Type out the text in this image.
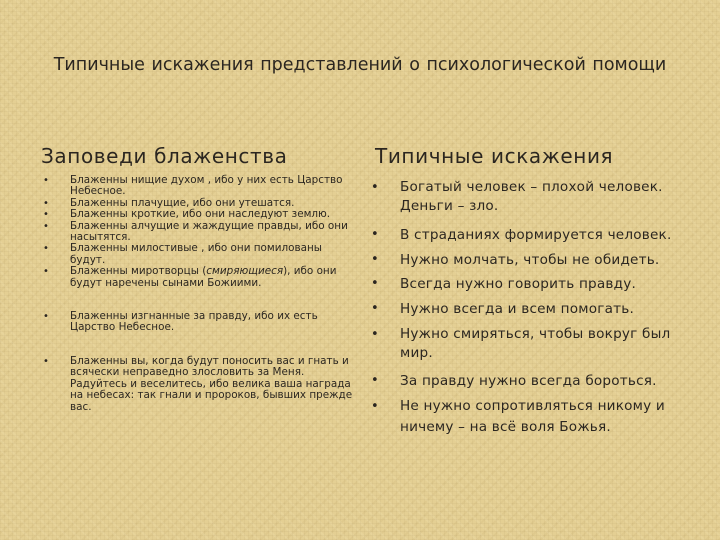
Типичные искажения представлений о психологической помощи
Заповеди блаженства	Типичные искажения
• Блаженны нищие духом , ибо у них есть Царство Небесное.
• Блаженны плачущие, ибо они утешатся.
• Блаженны кроткие, ибо они наследуют землю.
• Блаженны алчущие и жаждущие правды, ибо они насытятся.
• Блаженны милостивые , ибо они помилованы будут.
• Блаженны миротворцы (смиряющиеся), ибо они будут наречены сынами Божиими.
• Блаженны изгнанные за правду, ибо их есть Царство Небесное.
• Блаженны вы, когда будут поносить вас и гнать и всячески неправедно злословить за Меня. Радуйтесь и веселитесь, ибо велика ваша награда на небесах: так гнали и пророков, бывших прежде вас.
• Богатый человек – плохой человек. Деньги – зло.
• В страданиях формируется человек.
• Нужно молчать, чтобы не обидеть.
• Всегда нужно говорить правду.
• Нужно всегда и всем помогать.
• Нужно смиряться, чтобы вокруг был мир.
• За правду нужно всегда бороться.
• Не нужно сопротивляться никому и ничему – на всё воля Божья.
